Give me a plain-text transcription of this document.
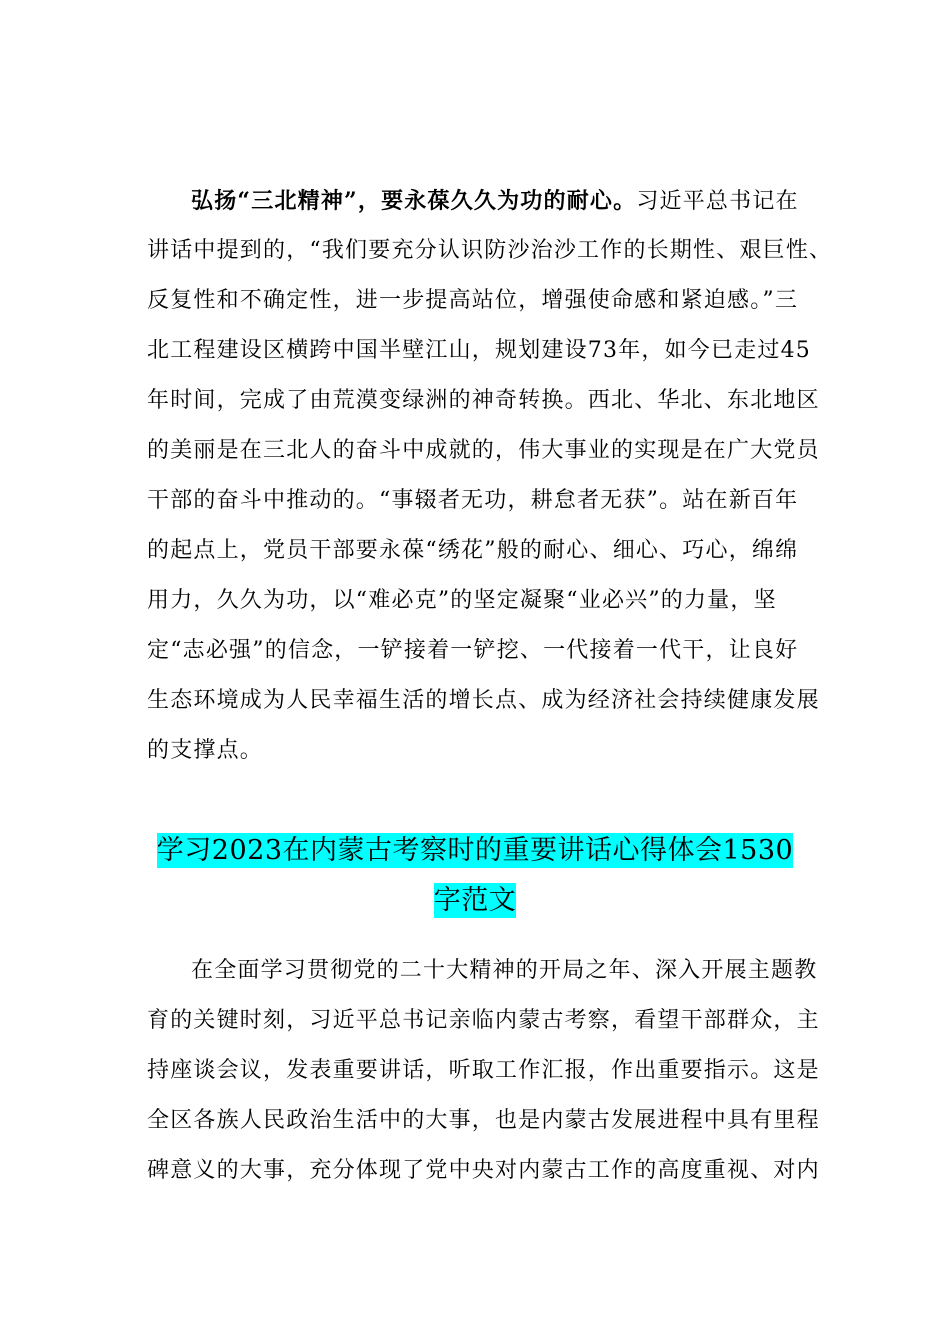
弘扬“三北精神”，要永葆久久为功的耐心。习近平总书记在
讲话中提到的，“我们要充分认识防沙治沙工作的长期性、艰巨性、
反复性和不确定性，进一步提高站位，增强使命感和紧迫感。”三
北工程建设区横跨中国半壁江山，规划建设73年，如今已走过45
年时间，完成了由荒漠变绿洲的神奇转换。西北、华北、东北地区
的美丽是在三北人的奋斗中成就的，伟大事业的实现是在广大党员
干部的奋斗中推动的。“事辍者无功，耕怠者无获”。站在新百年
的起点上，党员干部要永葆“绣花”般的耐心、细心、巧心，绵绵
用力，久久为功，以“难必克”的坚定凝聚“业必兴”的力量，坚
定“志必强”的信念，一铲接着一铲挖、一代接着一代干，让良好
生态环境成为人民幸福生活的增长点、成为经济社会持续健康发展
的支撑点。
学习2023在内蒙古考察时的重要讲话心得体会1530
字范文
在全面学习贯彻党的二十大精神的开局之年、深入开展主题教
育的关键时刻，习近平总书记亲临内蒙古考察，看望干部群众，主
持座谈会议，发表重要讲话，听取工作汇报，作出重要指示。这是
全区各族人民政治生活中的大事，也是内蒙古发展进程中具有里程
碑意义的大事，充分体现了党中央对内蒙古工作的高度重视、对内
